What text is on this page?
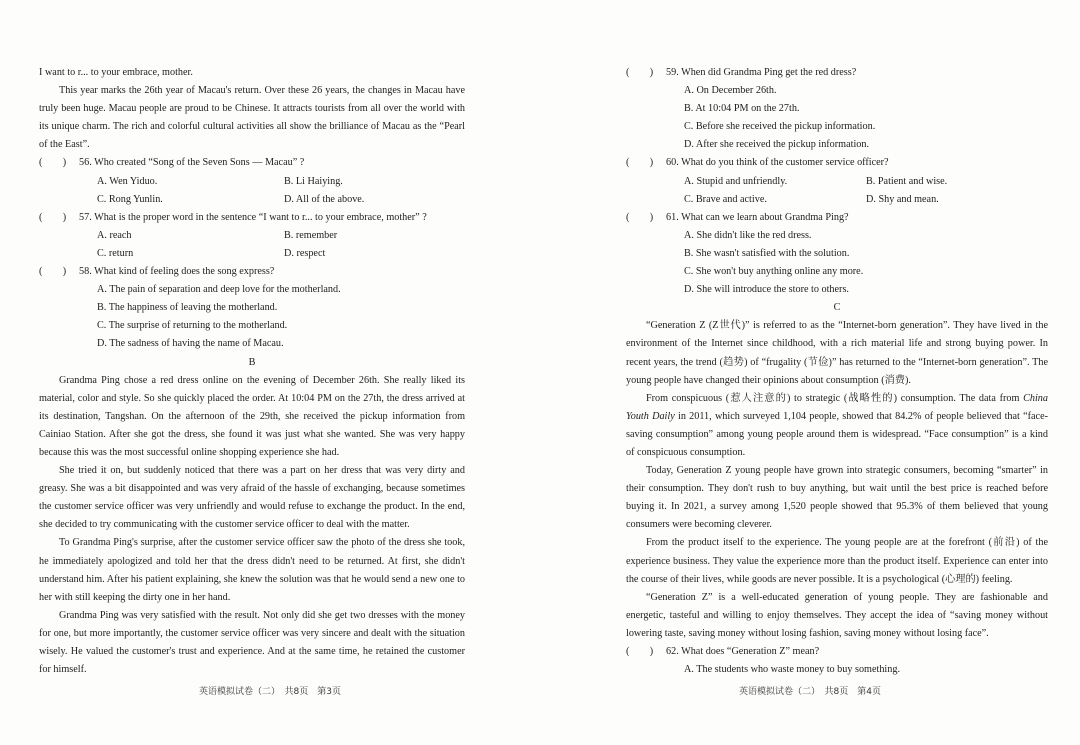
I want to r... to your embrace, mother.

This year marks the 26th year of Macau's return. Over these 26 years, the changes in Macau have truly been huge. Macau people are proud to be Chinese. It attracts tourists from all over the world with its unique charm. The rich and colorful cultural activities all show the brilliance of Macau as the “Pearl of the East”.

(  ) 56. Who created “Song of the Seven Sons — Macau” ?

A. Wen Yiduo.	B. Li Haiying.

C. Rong Yunlin.	D. All of the above.

(  ) 57. What is the proper word in the sentence “I want to r... to your embrace, mother” ?

A. reach	B. remember

C. return	D. respect

(  ) 58. What kind of feeling does the song express?

A. The pain of separation and deep love for the motherland.

B. The happiness of leaving the motherland.

C. The surprise of returning to the motherland.

D. The sadness of having the name of Macau.

B

Grandma Ping chose a red dress online on the evening of December 26th. She really liked its material, color and style. So she quickly placed the order. At 10:04 PM on the 27th, the dress arrived at its destination, Tangshan. On the afternoon of the 29th, she received the pickup information from Cainiao Station. After she got the dress, she found it was just what she wanted. She was very happy because this was the most successful online shopping experience she had.

She tried it on, but suddenly noticed that there was a part on her dress that was very dirty and greasy. She was a bit disappointed and was very afraid of the hassle of exchanging, because sometimes the customer service officer was very unfriendly and would refuse to exchange the product. In the end, she decided to try communicating with the customer service officer to deal with the matter.

To Grandma Ping's surprise, after the customer service officer saw the photo of the dress she took, he immediately apologized and told her that the dress didn't need to be returned. At first, she didn't understand him. After his patient explaining, she knew the solution was that he would send a new one to her with still keeping the dirty one in her hand.

Grandma Ping was very satisfied with the result. Not only did she get two dresses with the money for one, but more importantly, the customer service officer was very sincere and dealt with the situation wisely. He valued the customer's trust and experience. And at the same time, he retained the customer for himself.

英语模拟试卷（二）　共8页　第3页

(  ) 59. When did Grandma Ping get the red dress?

A. On December 26th.

B. At 10:04 PM on the 27th.

C. Before she received the pickup information.

D. After she received the pickup information.

(  ) 60. What do you think of the customer service officer?

A. Stupid and unfriendly.	B. Patient and wise.

C. Brave and active.	D. Shy and mean.

(  ) 61. What can we learn about Grandma Ping?

A. She didn't like the red dress.

B. She wasn't satisfied with the solution.

C. She won't buy anything online any more.

D. She will introduce the store to others.

C

“Generation Z (Z世代)” is referred to as the “Internet-born generation”. They have lived in the environment of the Internet since childhood, with a rich material life and strong buying power. In recent years, the trend (趋势) of “frugality (节俭)” has returned to the “Internet-born generation”. The young people have changed their opinions about consumption (消费).

From conspicuous (惹人注意的) to strategic (战略性的) consumption. The data from China Youth Daily in 2011, which surveyed 1,104 people, showed that 84.2% of people believed that “face-saving consumption” among young people around them is widespread. “Face consumption” is a kind of conspicuous consumption.

Today, Generation Z young people have grown into strategic consumers, becoming “smarter” in their consumption. They don't rush to buy anything, but wait until the best price is reached before buying it. In 2021, a survey among 1,520 people showed that 95.3% of them believed that young consumers were becoming cleverer.

From the product itself to the experience. The young people are at the forefront (前沿) of the experience business. They value the experience more than the product itself. Experience can enter into the course of their lives, while goods are never possible. It is a psychological (心理的) feeling.

“Generation Z” is a well-educated generation of young people. They are fashionable and energetic, tasteful and willing to enjoy themselves. They accept the idea of “saving money without lowering taste, saving money without losing fashion, saving money without losing face”.

(  ) 62. What does “Generation Z” mean?

A. The students who waste money to buy something.

英语模拟试卷（二）　共8页　第4页
